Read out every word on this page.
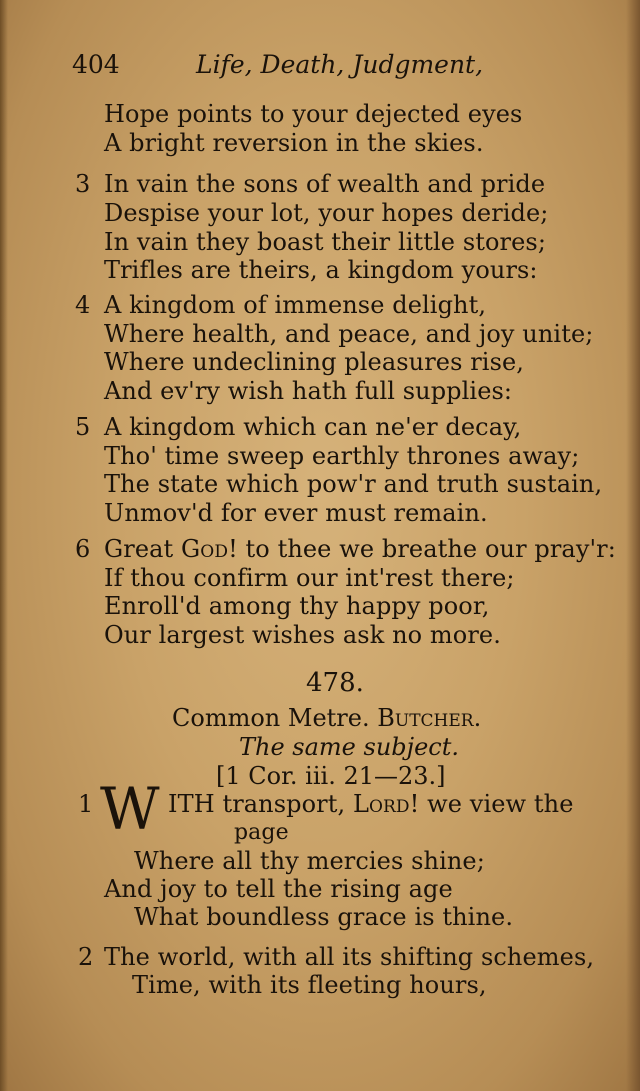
404	Life, Death, Judgment,
Hope points to your dejected eyes
A bright reversion in the skies.
3 In vain the sons of wealth and pride
Despise your lot, your hopes deride;
In vain they boast their little stores;
Trifles are theirs, a kingdom yours:
4 A kingdom of immense delight,
Where health, and peace, and joy unite;
Where undeclining pleasures rise,
And ev'ry wish hath full supplies:
5 A kingdom which can ne'er decay,
Tho' time sweep earthly thrones away;
The state which pow'r and truth sustain,
Unmov'd for ever must remain.
6 Great God! to thee we breathe our pray'r:
If thou confirm our int'rest there;
Enroll'd among thy happy poor,
Our largest wishes ask no more.
478.
Common Metre. Butcher.
The same subject.
[1 Cor. iii. 21—23.]
1 W ITH transport, Lord! we view the
page
Where all thy mercies shine;
And joy to tell the rising age
What boundless grace is thine.
2 The world, with all its shifting schemes,
Time, with its fleeting hours,
